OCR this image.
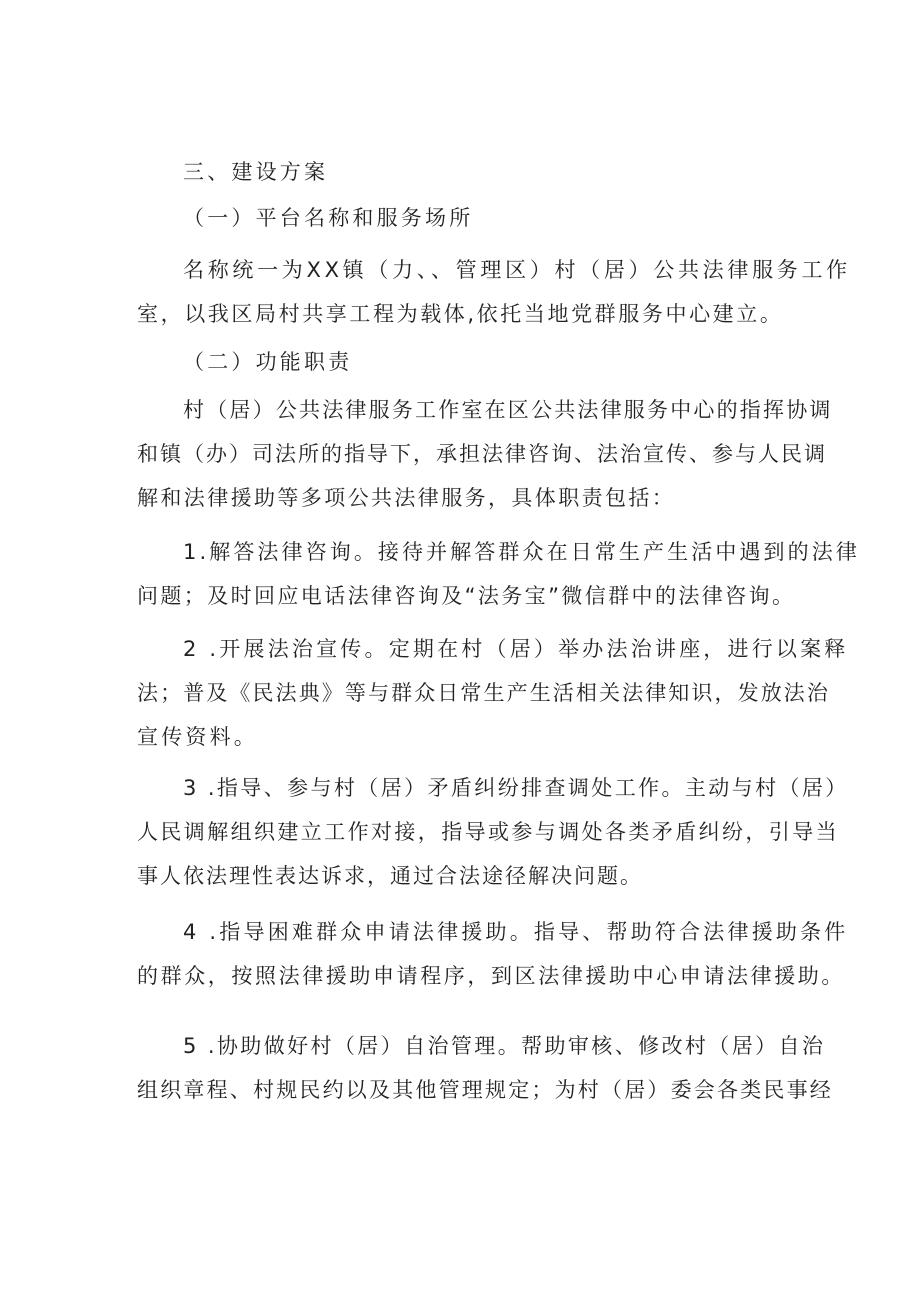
三、建设方案

（一）平台名称和服务场所

名称统一为XX镇（力、、管理区）村（居）公共法律服务工作
室，以我区局村共享工程为载体,依托当地党群服务中心建立。

（二）功能职责

村（居）公共法律服务工作室在区公共法律服务中心的指挥协调
和镇（办）司法所的指导下，承担法律咨询、法治宣传、参与人民调
解和法律援助等多项公共法律服务，具体职责包括：

1.解答法律咨询。接待并解答群众在日常生产生活中遇到的法律
问题；及时回应电话法律咨询及“法务宝”微信群中的法律咨询。

2 .开展法治宣传。定期在村（居）举办法治讲座，进行以案释
法；普及《民法典》等与群众日常生产生活相关法律知识，发放法治
宣传资料。

3 .指导、参与村（居）矛盾纠纷排查调处工作。主动与村（居）
人民调解组织建立工作对接，指导或参与调处各类矛盾纠纷，引导当
事人依法理性表达诉求，通过合法途径解决问题。

4 .指导困难群众申请法律援助。指导、帮助符合法律援助条件
的群众，按照法律援助申请程序，到区法律援助中心申请法律援助。

5 .协助做好村（居）自治管理。帮助审核、修改村（居）自治
组织章程、村规民约以及其他管理规定；为村（居）委会各类民事经
